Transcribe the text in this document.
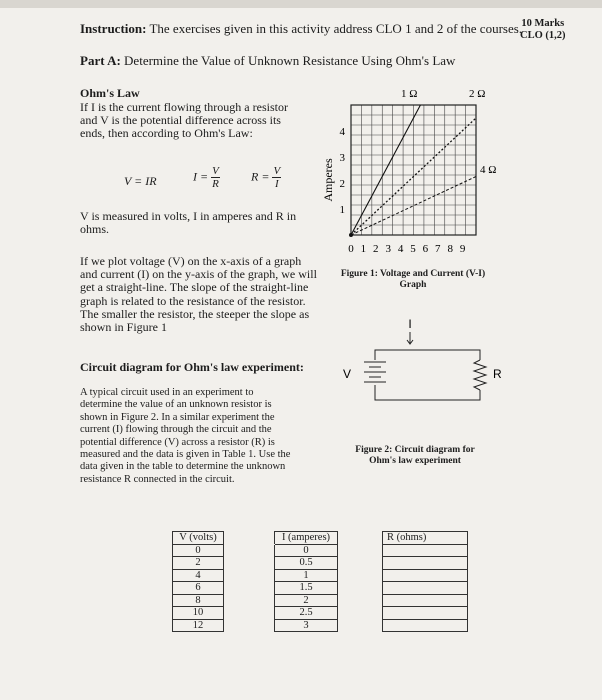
Instruction: The exercises given in this activity address CLO 1 and 2 of the courses. 10 Marks
CLO (1,2)
Part A: Determine the Value of Unknown Resistance Using Ohm's Law
Ohm's Law
If I is the current flowing through a resistor
and V is the potential difference across its
ends, then according to Ohm's Law:
V = IR	$I = \frac{V}{R}$	$R = \frac{V}{I}$
V is measured in volts, I in amperes and R in
ohms.
If we plot voltage (V) on the x-axis of a graph
and current (I) on the y-axis of the graph, we will
get a straight-line. The slope of the straight-line
graph is related to the resistance of the resistor.
The smaller the resistor, the steeper the slope as
shown in Figure 1
Circuit diagram for Ohm's law experiment:
A typical circuit used in an experiment to
determine the value of an unknown resistor is
shown in Figure 2. In a similar experiment the
current (I) flowing through the circuit and the
potential difference (V) across a resistor (R) is
measured and the data is given in Table 1. Use the
data given in the table to determine the unknown
resistance R connected in the circuit.
1 Ω	2 Ω
4 Ω
0 1 2 3 4 5 6 7 8 9
1
2
3
4
Amperes
Figure 1: Voltage and Current (V-I)
Graph
I
V	R
Figure 2: Circuit diagram for
Ohm's law experiment
V (volts)		I (amperes)		R (ohms)
0		0		
2		0.5		
4		1		
6		1.5		
8		2		
10		2.5		
12		3		
